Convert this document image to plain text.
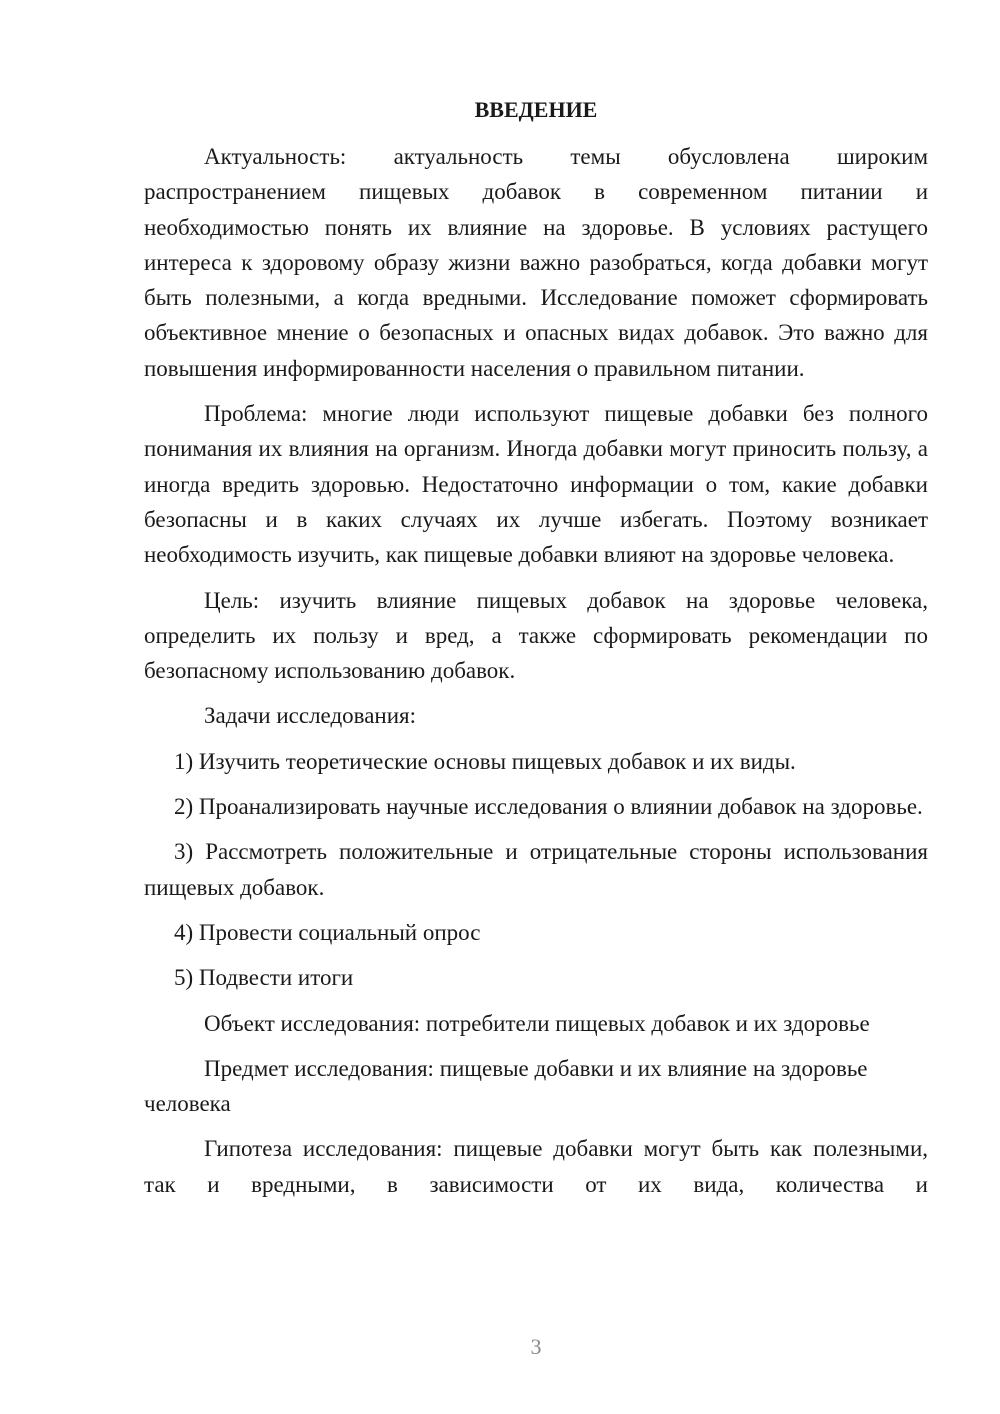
ВВЕДЕНИЕ

Актуальность: актуальность темы обусловлена широким распространением пищевых добавок в современном питании и необходимостью понять их влияние на здоровье. В условиях растущего интереса к здоровому образу жизни важно разобраться, когда добавки могут быть полезными, а когда вредными. Исследование поможет сформировать объективное мнение о безопасных и опасных видах добавок. Это важно для повышения информированности населения о правильном питании.

Проблема: многие люди используют пищевые добавки без полного понимания их влияния на организм. Иногда добавки могут приносить пользу, а иногда вредить здоровью. Недостаточно информации о том, какие добавки безопасны и в каких случаях их лучше избегать. Поэтому возникает необходимость изучить, как пищевые добавки влияют на здоровье человека.

Цель: изучить влияние пищевых добавок на здоровье человека, определить их пользу и вред, а также сформировать рекомендации по безопасному использованию добавок.

Задачи исследования:

1) Изучить теоретические основы пищевых добавок и их виды.

2) Проанализировать научные исследования о влиянии добавок на здоровье.

3) Рассмотреть положительные и отрицательные стороны использования пищевых добавок.

4) Провести социальный опрос

5) Подвести итоги

Объект исследования: потребители пищевых добавок и их здоровье

Предмет исследования: пищевые добавки и их влияние на здоровье человека

Гипотеза исследования: пищевые добавки могут быть как полезными, так и вредными, в зависимости от их вида, количества и

3
